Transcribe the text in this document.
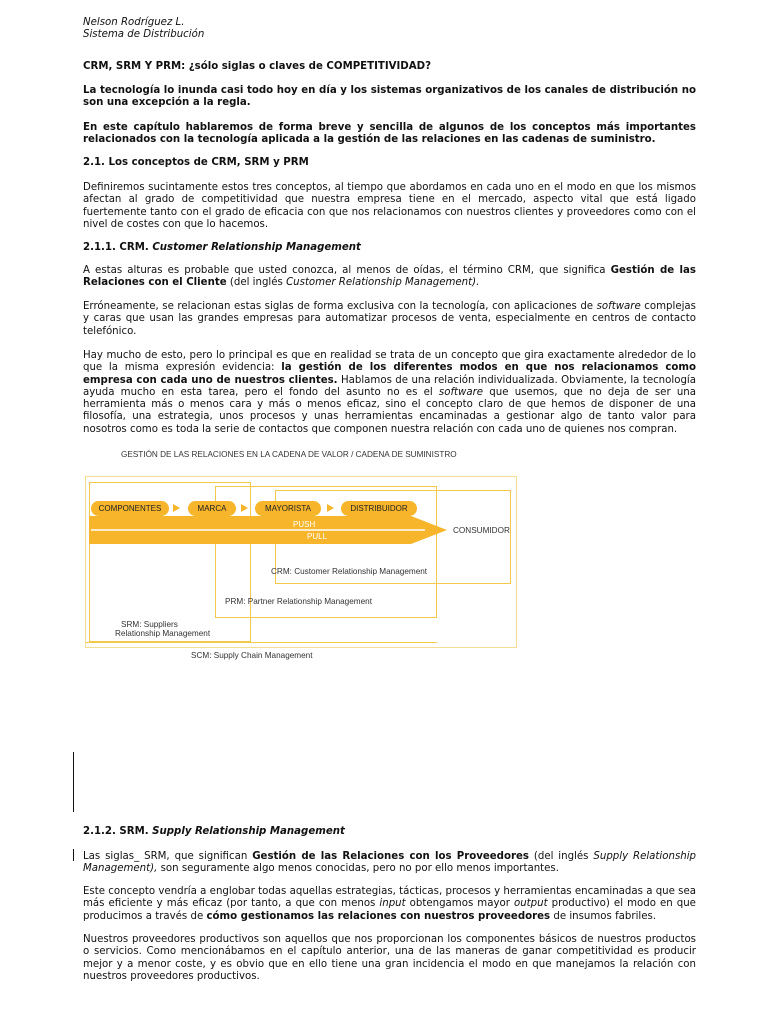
Nelson Rodríguez L.

Sistema de Distribución

CRM, SRM Y PRM: ¿sólo siglas o claves de COMPETITIVIDAD?

La tecnología lo inunda casi todo hoy en día y los sistemas organizativos de los canales de distribución no son una excepción a la regla.

En este capítulo hablaremos de forma breve y sencilla de algunos de los conceptos más importantes relacionados con la tecnología aplicada a la gestión de las relaciones en las cadenas de suministro.

2.1. Los conceptos de CRM, SRM y PRM

Definiremos sucintamente estos tres conceptos, al tiempo que abordamos en cada uno en el modo en que los mismos afectan al grado de competitividad que nuestra empresa tiene en el mercado, aspecto vital que está ligado fuertemente tanto con el grado de eficacia con que nos relacionamos con nuestros clientes y proveedores como con el nivel de costes con que lo hacemos.

2.1.1. CRM. Customer Relationship Management

A estas alturas es probable que usted conozca, al menos de oídas, el término CRM, que significa Gestión de las Relaciones con el Cliente (del inglés Customer Relationship Management).

Erróneamente, se relacionan estas siglas de forma exclusiva con la tecnología, con aplicaciones de software complejas y caras que usan las grandes empresas para automatizar procesos de venta, especialmente en centros de contacto telefónico.

Hay mucho de esto, pero lo principal es que en realidad se trata de un concepto que gira exactamente alrededor de lo que la misma expresión evidencia: la gestión de los diferentes modos en que nos relacionamos como empresa con cada uno de nuestros clientes. Hablamos de una relación individualizada. Obviamente, la tecnología ayuda mucho en esta tarea, pero el fondo del asunto no es el software que usemos, que no deja de ser una herramienta más o menos cara y más o menos eficaz, sino el concepto claro de que hemos de disponer de una filosofía, una estrategia, unos procesos y unas herramientas encaminadas a gestionar algo de tanto valor para nosotros como es toda la serie de contactos que componen nuestra relación con cada uno de quienes nos compran.

GESTIÓN DE LAS RELACIONES EN LA CADENA DE VALOR / CADENA DE SUMINISTRO
COMPONENTES	MARCA	MAYORISTA	DISTRIBUIDOR
PUSH
PULL
CONSUMIDOR
CRM: Customer Relationship Management
PRM: Partner Relationship Management
SRM: Suppliers
Relationship Management
SCM: Supply Chain Management

2.1.2. SRM. Supply Relationship Management

Las siglas_ SRM, que significan Gestión de las Relaciones con los Proveedores (del inglés Supply Relationship Management), son seguramente algo menos conocidas, pero no por ello menos importantes.

Este concepto vendría a englobar todas aquellas estrategias, tácticas, procesos y herramientas encaminadas a que sea más eficiente y más eficaz (por tanto, a que con menos input obtengamos mayor output productivo) el modo en que producimos a través de cómo gestionamos las relaciones con nuestros proveedores de insumos fabriles.

Nuestros proveedores productivos son aquellos que nos proporcionan los componentes básicos de nuestros productos o servicios. Como mencionábamos en el capítulo anterior, una de las maneras de ganar competitividad es producir mejor y a menor coste, y es obvio que en ello tiene una gran incidencia el modo en que manejamos la relación con nuestros proveedores productivos.
